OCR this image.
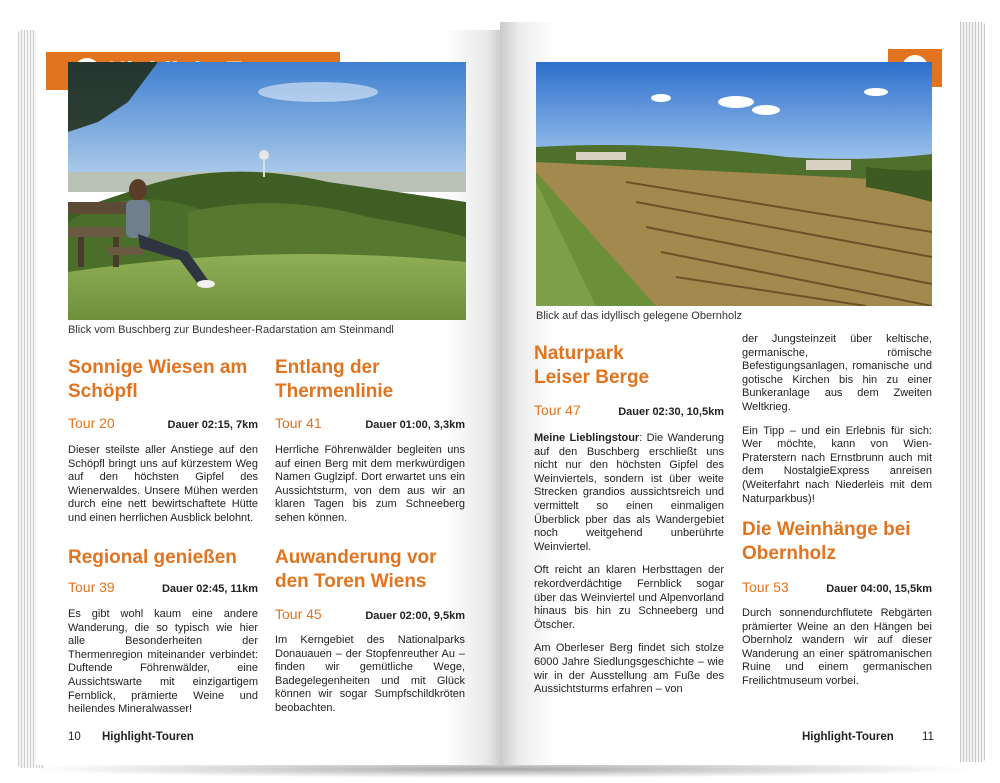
Blick vom Buschberg zur Bundesheer-Radarstation am Steinmandl
Blick auf das idyllisch gelegene Obernholz
Sonnige Wiesen am
Schöpfl
Tour 20	Dauer 02:15, 7km
Dieser steilste aller Anstiege auf den Schöpfl bringt uns auf kürzestem Weg auf den höchsten Gipfel des Wienerwaldes. Unsere Mühen werden durch eine nett bewirtschaftete Hütte und einen herrlichen Ausblick belohnt.
Entlang der
Thermenlinie
Tour 41	Dauer 01:00, 3,3km
Herrliche Föhrenwälder begleiten uns auf einen Berg mit dem merkwürdigen Namen Guglzipf. Dort erwartet uns ein Aussichtsturm, von dem aus wir an klaren Tagen bis zum Schneeberg sehen können.
Regional genießen
Tour 39	Dauer 02:45, 11km
Es gibt wohl kaum eine andere Wanderung, die so typisch wie hier alle Besonderheiten der Thermenregion miteinander verbindet: Duftende Föhrenwälder, eine Aussichtswarte mit einzigartigem Fernblick, prämierte Weine und heilendes Mineralwasser!
Auwanderung vor
den Toren Wiens
Tour 45	Dauer 02:00, 9,5km
Im Kerngebiet des Nationalparks Donauauen – der Stopfenreuther Au – finden wir gemütliche Wege, Badegelegenheiten und mit Glück können wir sogar Sumpfschildkröten beobachten.
Naturpark
Leiser Berge
Tour 47	Dauer 02:30, 10,5km

Meine Lieblingstour: Die Wanderung auf den Buschberg erschließt uns nicht nur den höchsten Gipfel des Weinviertels, sondern ist über weite Strecken grandios aussichtsreich und vermittelt so einen einmaligen Überblick pber das als Wandergebiet noch weitgehend unberührte Weinviertel.

Oft reicht an klaren Herbsttagen der rekordverdächtige Fernblick sogar über das Weinviertel und Alpenvorland hinaus bis hin zu Schneeberg und Ötscher.

Am Oberleser Berg findet sich stolze 6000 Jahre Siedlungsgeschichte – wie wir in der Ausstellung am Fuße des Aussichtsturms erfahren – von

der Jungsteinzeit über keltische, germanische, römische Befestigungsanlagen, romanische und gotische Kirchen bis hin zu einer Bunkeranlage aus dem Zweiten Weltkrieg.

Ein Tipp – und ein Erlebnis für sich: Wer möchte, kann von Wien-Praterstern nach Ernstbrunn auch mit dem NostalgieExpress anreisen (Weiterfahrt nach Niederleis mit dem Naturparkbus)!

Die Weinhänge bei
Obernholz
Tour 53	Dauer 04:00, 15,5km
Durch sonnendurchflutete Rebgärten prämierter Weine an den Hängen bei Obernholz wandern wir auf dieser Wanderung an einer spätromanischen Ruine und einem germanischen Freilichtmuseum vorbei.
10 Highlight-Touren	Highlight-Touren 11
